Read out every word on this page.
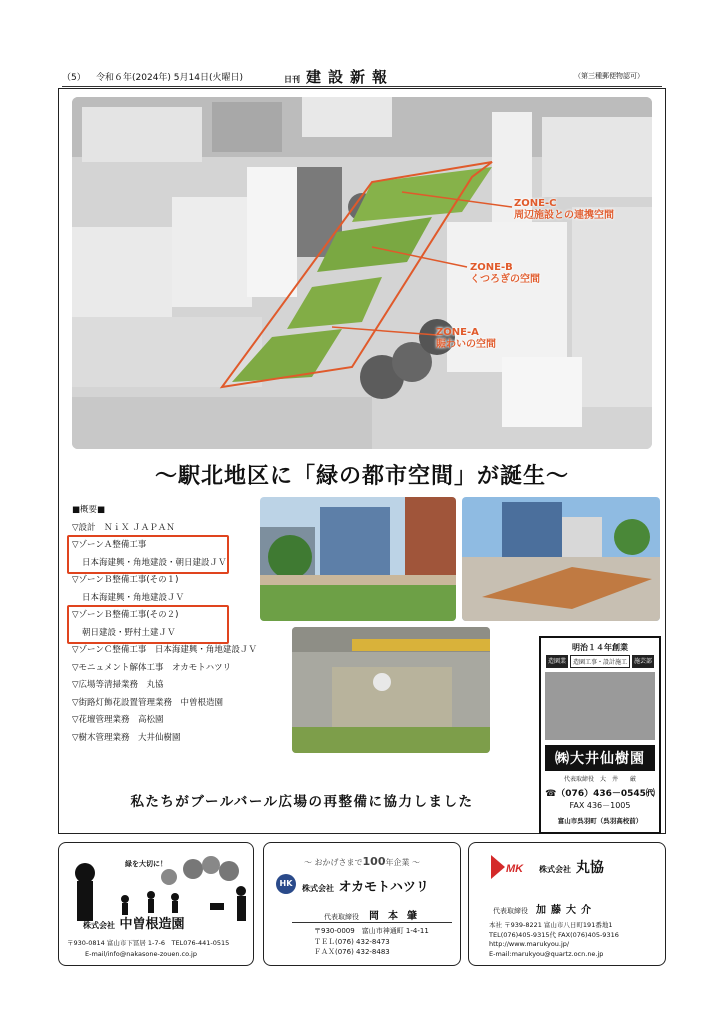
（5） 令和６年(2024年) 5月14日(火曜日)	日刊 建設新報	（第三種郵便物認可）
ZONE-C
周辺施設との連携空間
ZONE-B
くつろぎの空間
ZONE-A
賑わいの空間
～駅北地区に「緑の都市空間」が誕生～
■概要■
▽設計　ＮｉＸ ＪＡＰＡＮ
▽ゾーンＡ整備工事
日本海建興・角地建設・朝日建設ＪＶ
▽ゾーンＢ整備工事(その１)
日本海建興・角地建設ＪＶ
▽ゾーンＢ整備工事(その２)
朝日建設・野村土建ＪＶ
▽ゾーンＣ整備工事　日本海建興・角地建設ＪＶ
▽モニュメント解体工事　オカモトハツリ
▽広場等清掃業務　丸協
▽街路灯飾花設置管理業務　中曽根造園
▽花壇管理業務　高松園
▽樹木管理業務　大井仙樹園
明治１４年創業
造園業	造園工事・設計施工	施芸部
㈱大井仙樹園
代表取締役　大　井　　厳
☎（076）436－0545㈹
FAX 436－1005
富山市呉羽町（呉羽高校前）
私たちがブールバール広場の再整備に協力しました
緑を大切に！
株式会社 中曽根造園
〒930-0814 富山市下冨居 1-7-6　TEL076-441-0515
E-mail/info@nakasone-zouen.co.jp
～ おかげさまで100年企業 ～
HK
株式会社 オカモトハツリ
代表取締役 岡本肇
〒930-0009　富山市神通町 1-4-11
ＴＥＬ(076) 432-8473
ＦＡＸ(076) 432-8483
MK 株式会社 丸協
代表取締役 加藤大介
本社 〒939-8221 富山市八日町191番地1
TEL(076)405-9315代 FAX(076)405-9316
http://www.marukyou.jp/
E-mail:marukyou@quartz.ocn.ne.jp
